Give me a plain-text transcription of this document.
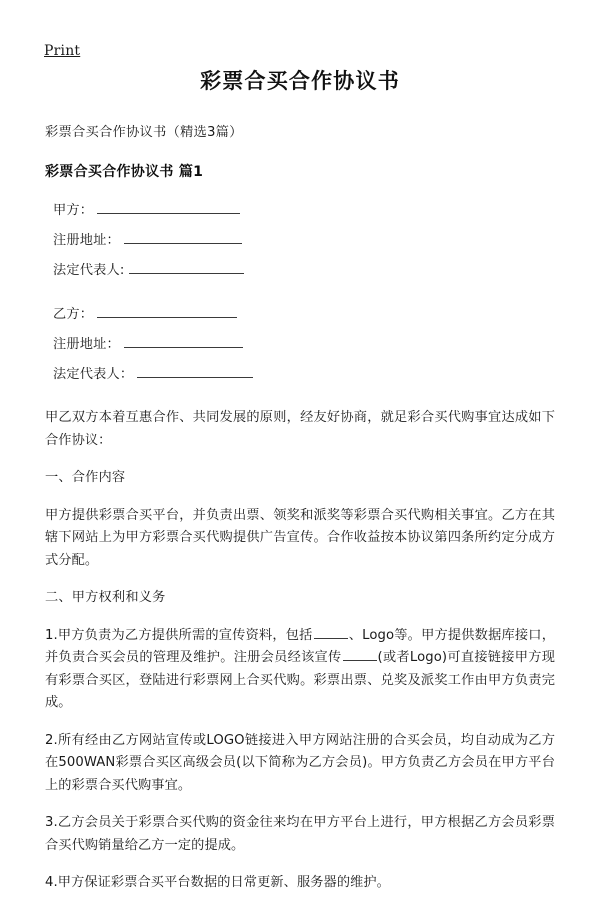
Print
彩票合买合作协议书

彩票合买合作协议书（精选3篇）

彩票合买合作协议书 篇1

甲方：

注册地址：

法定代表人:

乙方：

注册地址：

法定代表人：

甲乙双方本着互惠合作、共同发展的原则，经友好协商，就足彩合买代购事宜达成如下合作协议：

一、合作内容

甲方提供彩票合买平台，并负责出票、领奖和派奖等彩票合买代购相关事宜。乙方在其辖下网站上为甲方彩票合买代购提供广告宣传。合作收益按本协议第四条所约定分成方式分配。

二、甲方权利和义务

1.甲方负责为乙方提供所需的宣传资料，包括	、Logo等。甲方提供数据库接口，并负责合买会员的管理及维护。注册会员经该宣传	(或者Logo)可直接链接甲方现有彩票合买区，登陆进行彩票网上合买代购。彩票出票、兑奖及派奖工作由甲方负责完成。

2.所有经由乙方网站宣传或LOGO链接进入甲方网站注册的合买会员，均自动成为乙方在500WAN彩票合买区高级会员(以下简称为乙方会员)。甲方负责乙方会员在甲方平台上的彩票合买代购事宜。

3.乙方会员关于彩票合买代购的资金往来均在甲方平台上进行，甲方根据乙方会员彩票合买代购销量给乙方一定的提成。

4.甲方保证彩票合买平台数据的日常更新、服务器的维护。
